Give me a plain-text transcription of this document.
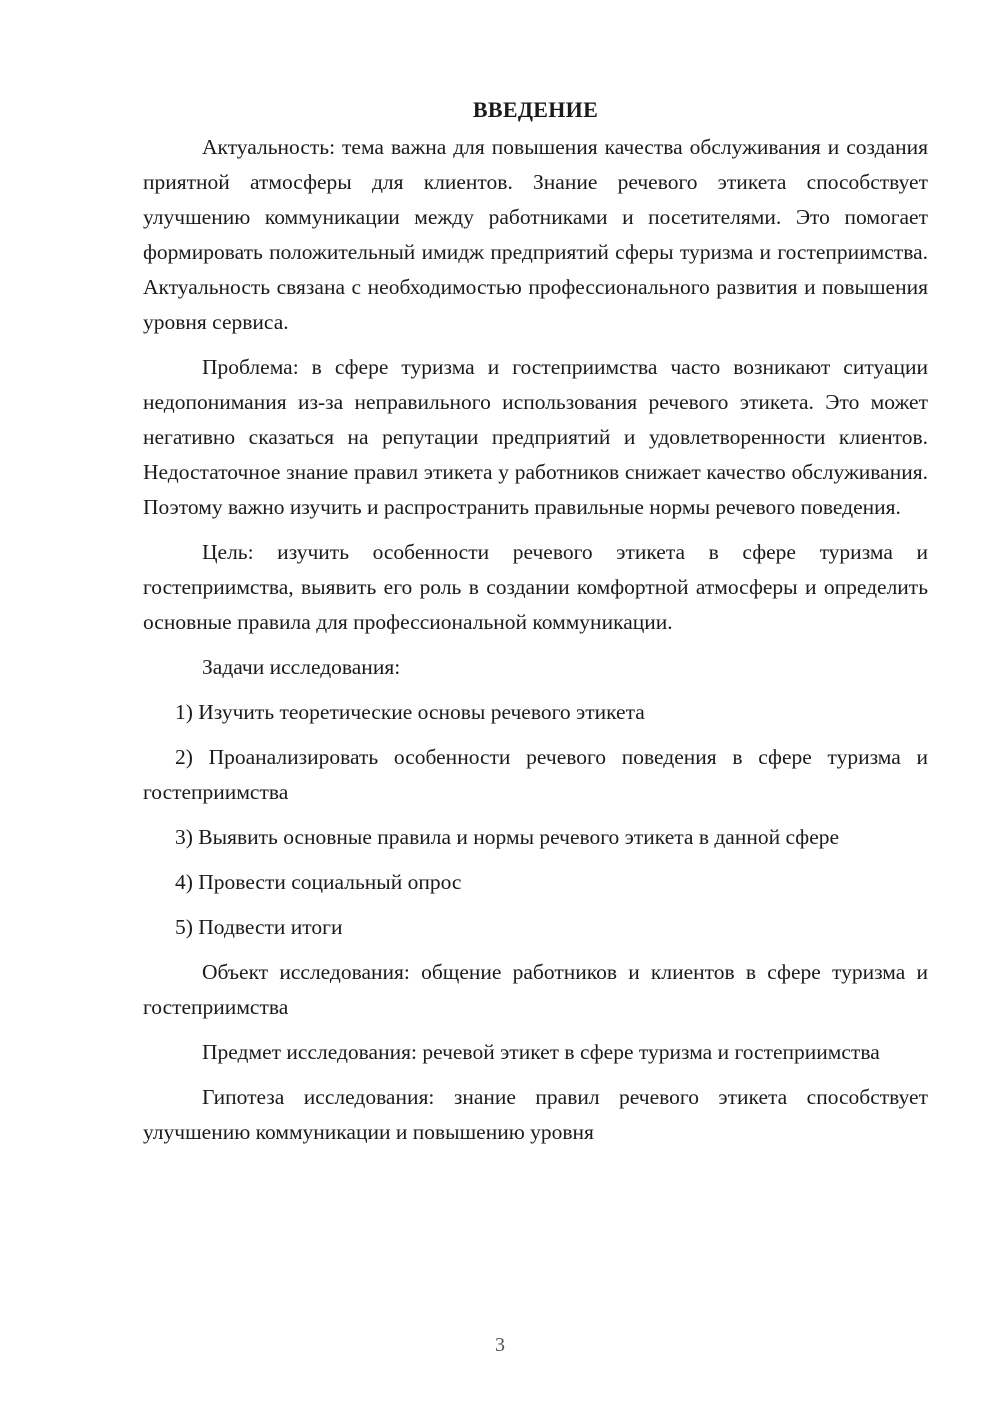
ВВЕДЕНИЕ

Актуальность: тема важна для повышения качества обслуживания и создания приятной атмосферы для клиентов. Знание речевого этикета способствует улучшению коммуникации между работниками и посетителями. Это помогает формировать положительный имидж предприятий сферы туризма и гостеприимства. Актуальность связана с необходимостью профессионального развития и повышения уровня сервиса.

Проблема: в сфере туризма и гостеприимства часто возникают ситуации недопонимания из-за неправильного использования речевого этикета. Это может негативно сказаться на репутации предприятий и удовлетворенности клиентов. Недостаточное знание правил этикета у работников снижает качество обслуживания. Поэтому важно изучить и распространить правильные нормы речевого поведения.

Цель: изучить особенности речевого этикета в сфере туризма и гостеприимства, выявить его роль в создании комфортной атмосферы и определить основные правила для профессиональной коммуникации.

Задачи исследования:

1) Изучить теоретические основы речевого этикета

2) Проанализировать особенности речевого поведения в сфере туризма и гостеприимства

3) Выявить основные правила и нормы речевого этикета в данной сфере

4) Провести социальный опрос

5) Подвести итоги

Объект исследования: общение работников и клиентов в сфере туризма и гостеприимства

Предмет исследования: речевой этикет в сфере туризма и гостеприимства

Гипотеза исследования: знание правил речевого этикета способствует улучшению коммуникации и повышению уровня

3
